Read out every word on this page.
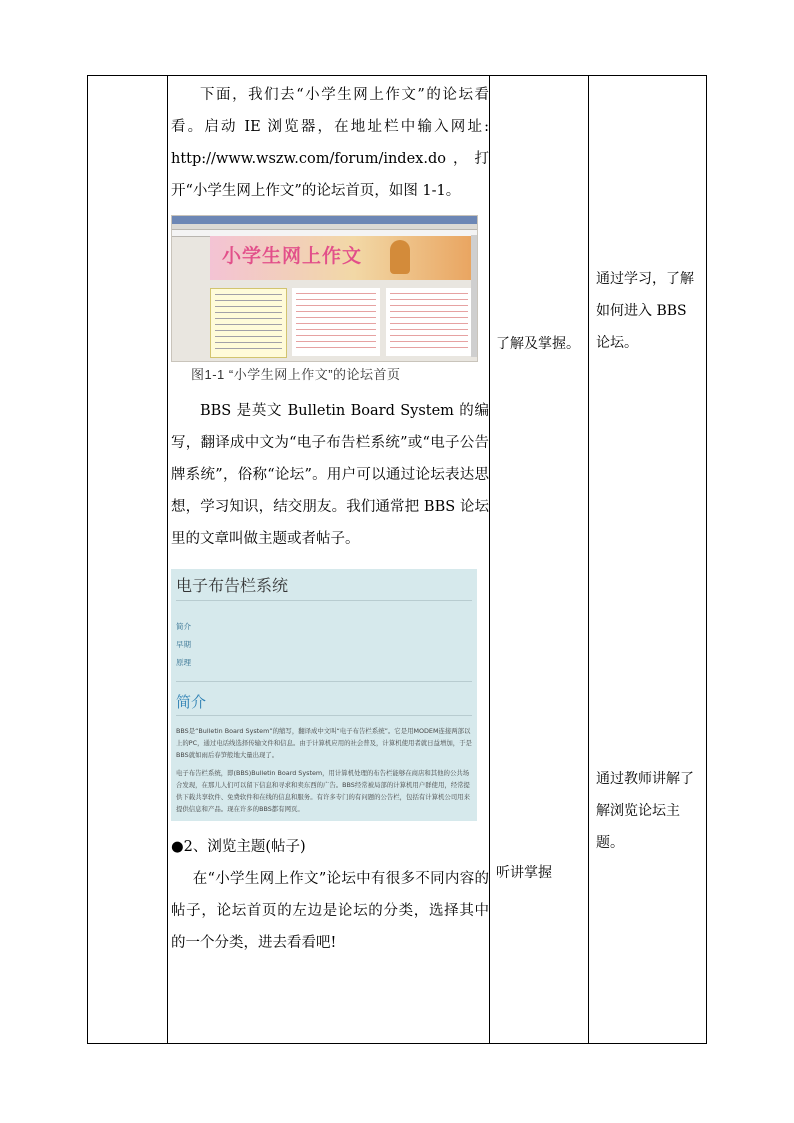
下面，我们去“小学生网上作文”的论坛看看。启动 IE 浏览器，在地址栏中输入网址: http://www.wszw.com/forum/index.do，打开“小学生网上作文”的论坛首页，如图 1-1。

小学生网上作文
图1-1 “小学生网上作文”的论坛首页

BBS 是英文 Bulletin Board System 的编写，翻译成中文为“电子布告栏系统”或“电子公告牌系统”，俗称“论坛”。用户可以通过论坛表达思想，学习知识，结交朋友。我们通常把 BBS 论坛里的文章叫做主题或者帖子。

电子布告栏系统
简介
早期
原理
简介
BBS是“Bulletin Board System”的缩写，翻译成中文叫“电子布告栏系统”。它是用MODEM连接两部以上的PC，通过电话线选择传输文件和信息。由于计算机应用的社会普及，计算机使用者就日益增加，于是BBS就如雨后春笋般地大量出现了。
电子布告栏系统，即(BBS)Bulletin Board System，用计算机处理的布告栏能够在商店和其他的公共场合发现，在那儿人们可以留下信息和寻求和卖东西的广告。BBS经常被局部的计算机用户群使用，经常提供下载共享软件、免费软件和在线的信息和服务。有许多专门的有问题的公告栏，包括有计算机公司用来提供信息和产品。现在许多的BBS都有网页。
●2、浏览主题(帖子)

在“小学生网上作文”论坛中有很多不同内容的帖子，论坛首页的左边是论坛的分类，选择其中的一个分类，进去看看吧!

了解及掌握。

听讲掌握

通过学习，了解如何进入 BBS 论坛。

通过教师讲解了解浏览论坛主题。
